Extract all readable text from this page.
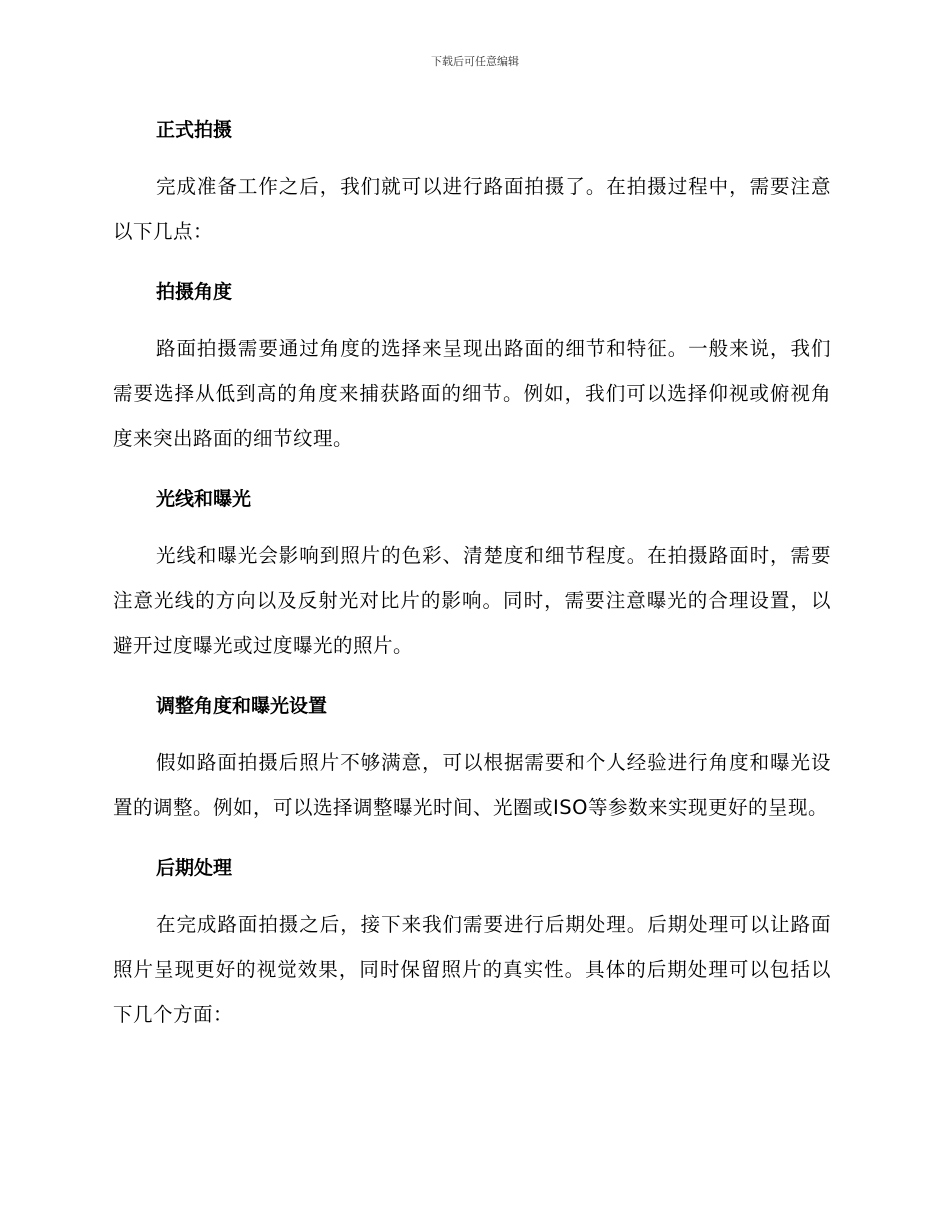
下载后可任意编辑
正式拍摄

完成准备工作之后，我们就可以进行路面拍摄了。在拍摄过程中，需要注意以下几点：

拍摄角度

路面拍摄需要通过角度的选择来呈现出路面的细节和特征。一般来说，我们需要选择从低到高的角度来捕获路面的细节。例如，我们可以选择仰视或俯视角度来突出路面的细节纹理。

光线和曝光

光线和曝光会影响到照片的色彩、清楚度和细节程度。在拍摄路面时，需要注意光线的方向以及反射光对比片的影响。同时，需要注意曝光的合理设置，以避开过度曝光或过度曝光的照片。

调整角度和曝光设置

假如路面拍摄后照片不够满意，可以根据需要和个人经验进行角度和曝光设置的调整。例如，可以选择调整曝光时间、光圈或ISO等参数来实现更好的呈现。

后期处理

在完成路面拍摄之后，接下来我们需要进行后期处理。后期处理可以让路面照片呈现更好的视觉效果，同时保留照片的真实性。具体的后期处理可以包括以下几个方面：
